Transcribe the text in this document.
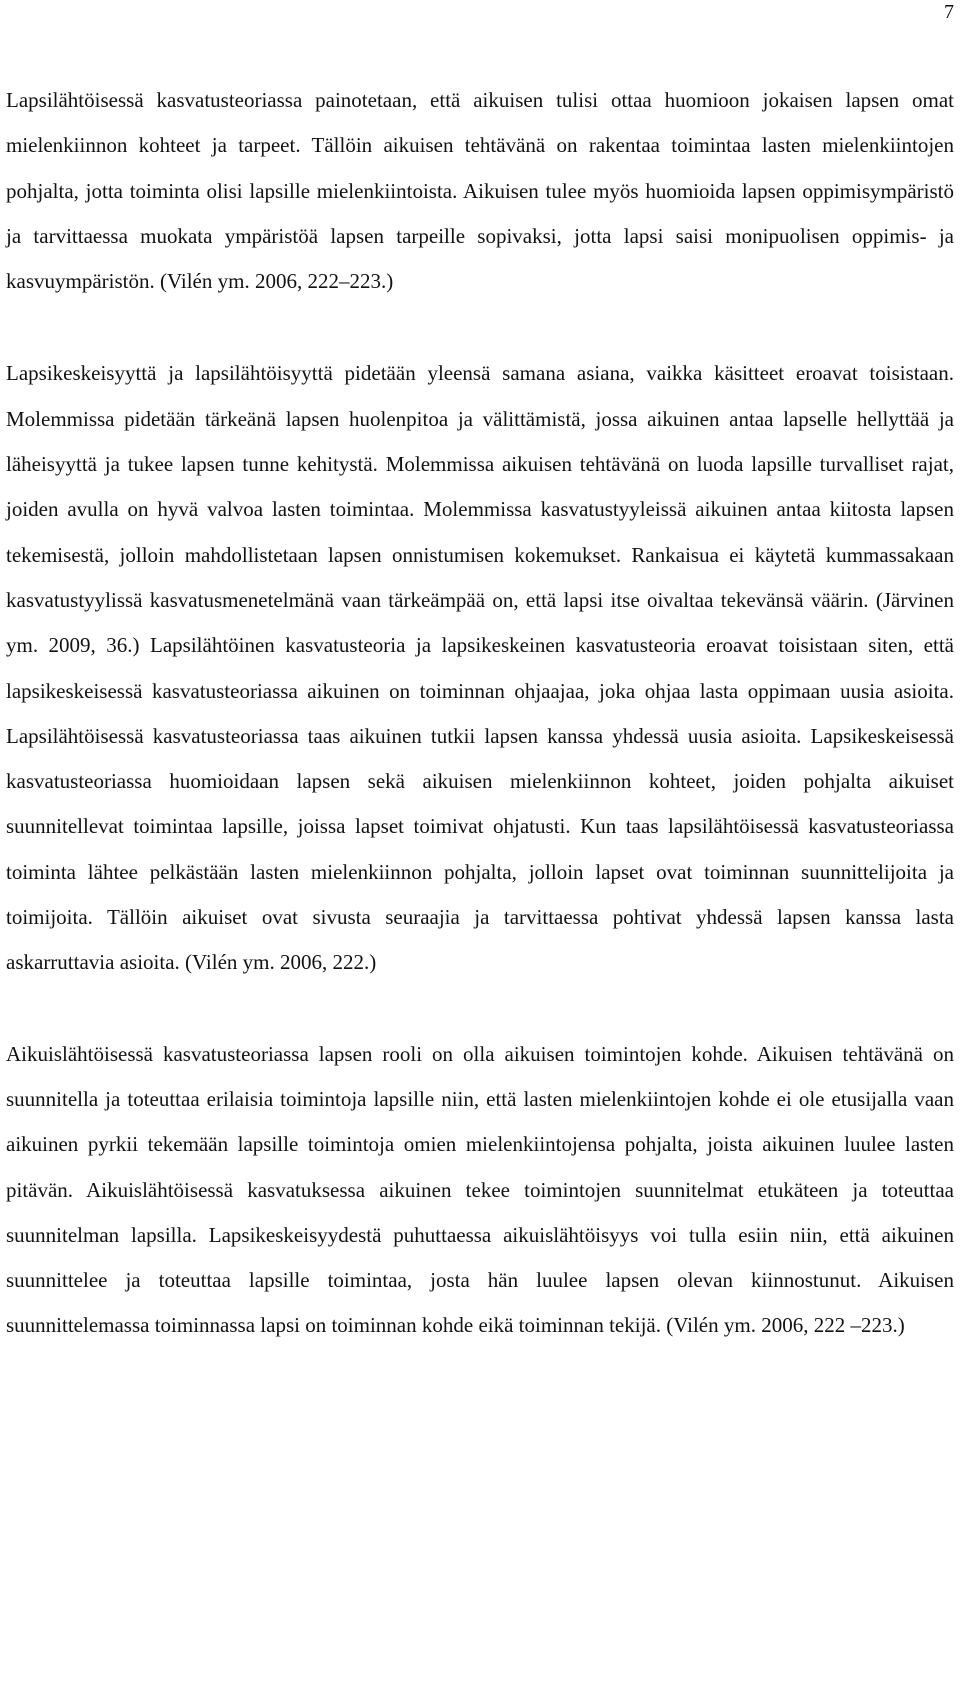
7

Lapsilähtöisessä kasvatusteoriassa painotetaan, että aikuisen tulisi ottaa huomioon jokaisen lapsen omat mielenkiinnon kohteet ja tarpeet. Tällöin aikuisen tehtävänä on rakentaa toimintaa lasten mielenkiintojen pohjalta, jotta toiminta olisi lapsille mielenkiintoista. Aikuisen tulee myös huomioida lapsen oppimisympäristö ja tarvittaessa muokata ympäristöä lapsen tarpeille sopivaksi, jotta lapsi saisi monipuolisen oppimis- ja kasvuympäristön. (Vilén ym. 2006, 222–223.)

Lapsikeskeisyyttä ja lapsilähtöisyyttä pidetään yleensä samana asiana, vaikka käsitteet eroavat toisistaan. Molemmissa pidetään tärkeänä lapsen huolenpitoa ja välittämistä, jossa aikuinen antaa lapselle hellyttää ja läheisyyttä ja tukee lapsen tunne kehitystä. Molemmissa aikuisen tehtävänä on luoda lapsille turvalliset rajat, joiden avulla on hyvä valvoa lasten toimintaa. Molemmissa kasvatustyyleissä aikuinen antaa kiitosta lapsen tekemisestä, jolloin mahdollistetaan lapsen onnistumisen kokemukset. Rankaisua ei käytetä kummassakaan kasvatustyylissä kasvatusmenetelmänä vaan tärkeämpää on, että lapsi itse oivaltaa tekevänsä väärin. (Järvinen ym. 2009, 36.) Lapsilähtöinen kasvatusteoria ja lapsikeskeinen kasvatusteoria eroavat toisistaan siten, että lapsikeskeisessä kasvatusteoriassa aikuinen on toiminnan ohjaajaa, joka ohjaa lasta oppimaan uusia asioita. Lapsilähtöisessä kasvatusteoriassa taas aikuinen tutkii lapsen kanssa yhdessä uusia asioita. Lapsikeskeisessä kasvatusteoriassa huomioidaan lapsen sekä aikuisen mielenkiinnon kohteet, joiden pohjalta aikuiset suunnitellevat toimintaa lapsille, joissa lapset toimivat ohjatusti. Kun taas lapsilähtöisessä kasvatusteoriassa toiminta lähtee pelkästään lasten mielenkiinnon pohjalta, jolloin lapset ovat toiminnan suunnittelijoita ja toimijoita. Tällöin aikuiset ovat sivusta seuraajia ja tarvittaessa pohtivat yhdessä lapsen kanssa lasta askarruttavia asioita. (Vilén ym. 2006, 222.)

Aikuislähtöisessä kasvatusteoriassa lapsen rooli on olla aikuisen toimintojen kohde. Aikuisen tehtävänä on suunnitella ja toteuttaa erilaisia toimintoja lapsille niin, että lasten mielenkiintojen kohde ei ole etusijalla vaan aikuinen pyrkii tekemään lapsille toimintoja omien mielenkiintojensa pohjalta, joista aikuinen luulee lasten pitävän. Aikuislähtöisessä kasvatuksessa aikuinen tekee toimintojen suunnitelmat etukäteen ja toteuttaa suunnitelman lapsilla. Lapsikeskeisyydestä puhuttaessa aikuislähtöisyys voi tulla esiin niin, että aikuinen suunnittelee ja toteuttaa lapsille toimintaa, josta hän luulee lapsen olevan kiinnostunut. Aikuisen suunnittelemassa toiminnassa lapsi on toiminnan kohde eikä toiminnan tekijä. (Vilén ym. 2006, 222 –223.)
